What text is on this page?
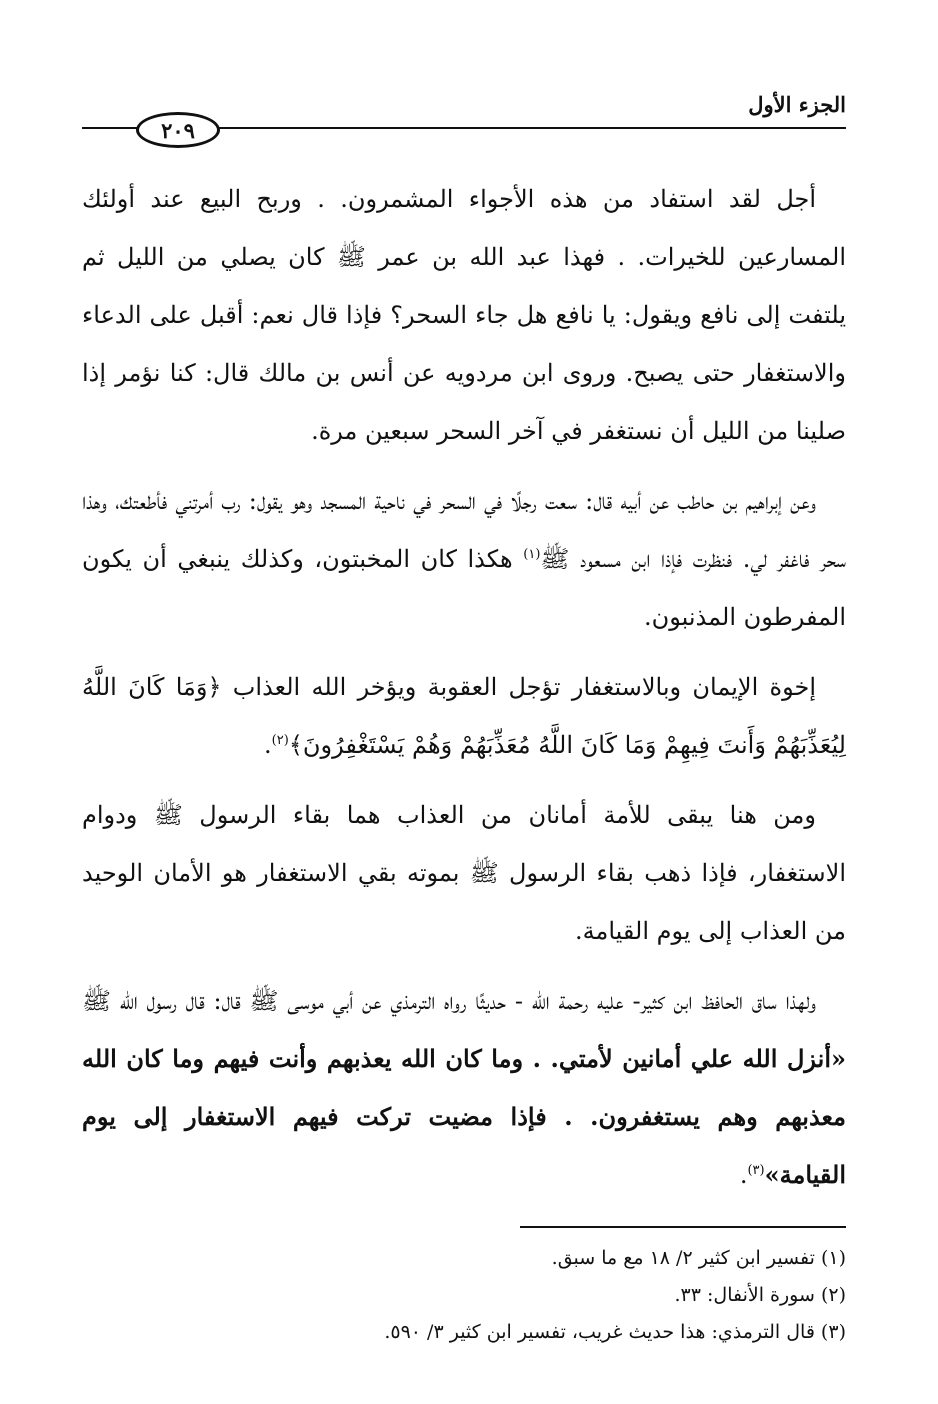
الجزء الأول
٢٠٩

أجل لقد استفاد من هذه الأجواء المشمرون. . وربح البيع عند أولئك المسارعين للخيرات. . فهذا عبد الله بن عمر ﷺ كان يصلي من الليل ثم يلتفت إلى نافع ويقول: يا نافع هل جاء السحر؟ فإذا قال نعم: أقبل على الدعاء والاستغفار حتى يصبح. وروى ابن مردويه عن أنس بن مالك قال: كنا نؤمر إذا صلينا من الليل أن نستغفر في آخر السحر سبعين مرة.

وعن إبراهيم بن حاطب عن أبيه قال: سعت رجلًا في السحر في ناحية المسجد وهو يقول: رب أمرتني فأطعتك، وهذا سحر فاغفر لي. فنظرت فإذا ابن مسعود ﷺ$^{(١)}$ هكذا كان المخبتون، وكذلك ينبغي أن يكون المفرطون المذنبون.

إخوة الإيمان وبالاستغفار تؤجل العقوبة ويؤخر الله العذاب ﴿وَمَا كَانَ اللَّهُ لِيُعَذِّبَهُمْ وَأَنتَ فِيهِمْ وَمَا كَانَ اللَّهُ مُعَذِّبَهُمْ وَهُمْ يَسْتَغْفِرُونَ﴾$^{(٢)}$.

ومن هنا يبقى للأمة أمانان من العذاب هما بقاء الرسول ﷺ ودوام الاستغفار، فإذا ذهب بقاء الرسول ﷺ بموته بقي الاستغفار هو الأمان الوحيد من العذاب إلى يوم القيامة.

ولهذا ساق الحافظ ابن كثير- عليه رحمة الله - حديثًا رواه الترمذي عن أبي موسى ﷺ قال: قال رسول الله ﷺ «أنزل الله علي أمانين لأمتي. . وما كان الله يعذبهم وأنت فيهم وما كان الله معذبهم وهم يستغفرون. . فإذا مضيت تركت فيهم الاستغفار إلى يوم القيامة»$^{(٣)}$.

(١) تفسير ابن كثير ٢/ ١٨ مع ما سبق.

(٢) سورة الأنفال: ٣٣.

(٣) قال الترمذي: هذا حديث غريب، تفسير ابن كثير ٣/ ٥٩٠.
